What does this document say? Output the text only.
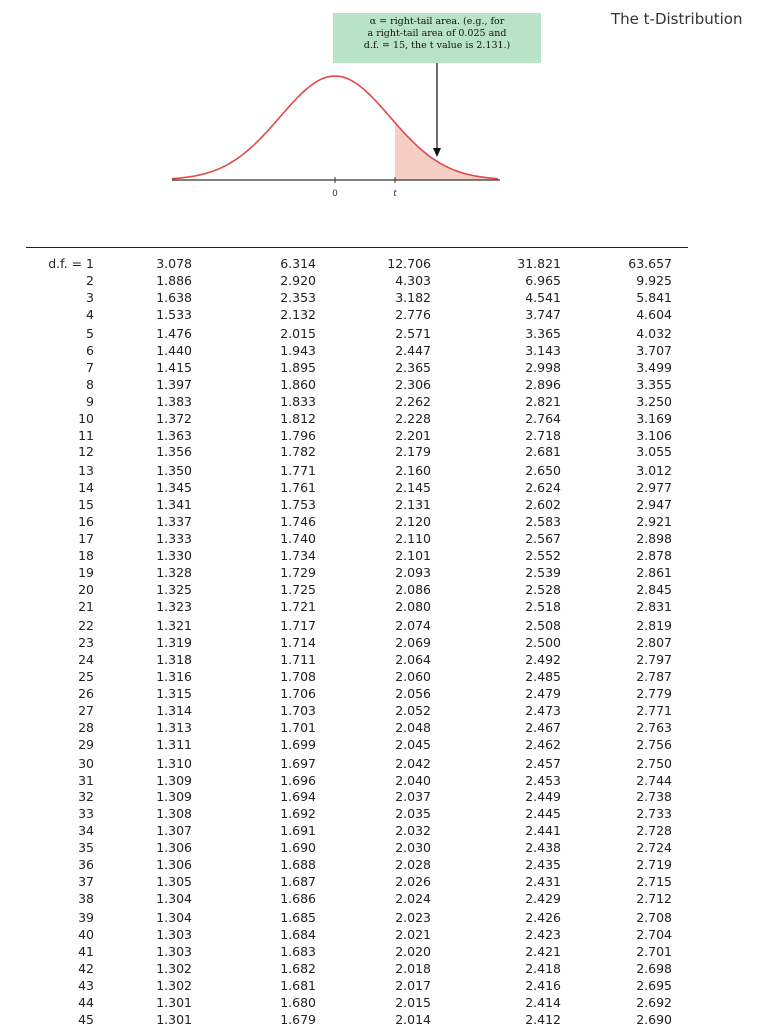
The t-Distribution
α = right-tail area. (e.g., for
a right-tail area of 0.025 and
d.f. = 15, the t value is 2.131.)
0	t
d.f. = 1	3.078	6.314	12.706	31.821	63.657
2	1.886	2.920	4.303	6.965	9.925
3	1.638	2.353	3.182	4.541	5.841
4	1.533	2.132	2.776	3.747	4.604
5	1.476	2.015	2.571	3.365	4.032
6	1.440	1.943	2.447	3.143	3.707
7	1.415	1.895	2.365	2.998	3.499
8	1.397	1.860	2.306	2.896	3.355
9	1.383	1.833	2.262	2.821	3.250
10	1.372	1.812	2.228	2.764	3.169
11	1.363	1.796	2.201	2.718	3.106
12	1.356	1.782	2.179	2.681	3.055
13	1.350	1.771	2.160	2.650	3.012
14	1.345	1.761	2.145	2.624	2.977
15	1.341	1.753	2.131	2.602	2.947
16	1.337	1.746	2.120	2.583	2.921
17	1.333	1.740	2.110	2.567	2.898
18	1.330	1.734	2.101	2.552	2.878
19	1.328	1.729	2.093	2.539	2.861
20	1.325	1.725	2.086	2.528	2.845
21	1.323	1.721	2.080	2.518	2.831
22	1.321	1.717	2.074	2.508	2.819
23	1.319	1.714	2.069	2.500	2.807
24	1.318	1.711	2.064	2.492	2.797
25	1.316	1.708	2.060	2.485	2.787
26	1.315	1.706	2.056	2.479	2.779
27	1.314	1.703	2.052	2.473	2.771
28	1.313	1.701	2.048	2.467	2.763
29	1.311	1.699	2.045	2.462	2.756
30	1.310	1.697	2.042	2.457	2.750
31	1.309	1.696	2.040	2.453	2.744
32	1.309	1.694	2.037	2.449	2.738
33	1.308	1.692	2.035	2.445	2.733
34	1.307	1.691	2.032	2.441	2.728
35	1.306	1.690	2.030	2.438	2.724
36	1.306	1.688	2.028	2.435	2.719
37	1.305	1.687	2.026	2.431	2.715
38	1.304	1.686	2.024	2.429	2.712
39	1.304	1.685	2.023	2.426	2.708
40	1.303	1.684	2.021	2.423	2.704
41	1.303	1.683	2.020	2.421	2.701
42	1.302	1.682	2.018	2.418	2.698
43	1.302	1.681	2.017	2.416	2.695
44	1.301	1.680	2.015	2.414	2.692
45	1.301	1.679	2.014	2.412	2.690
